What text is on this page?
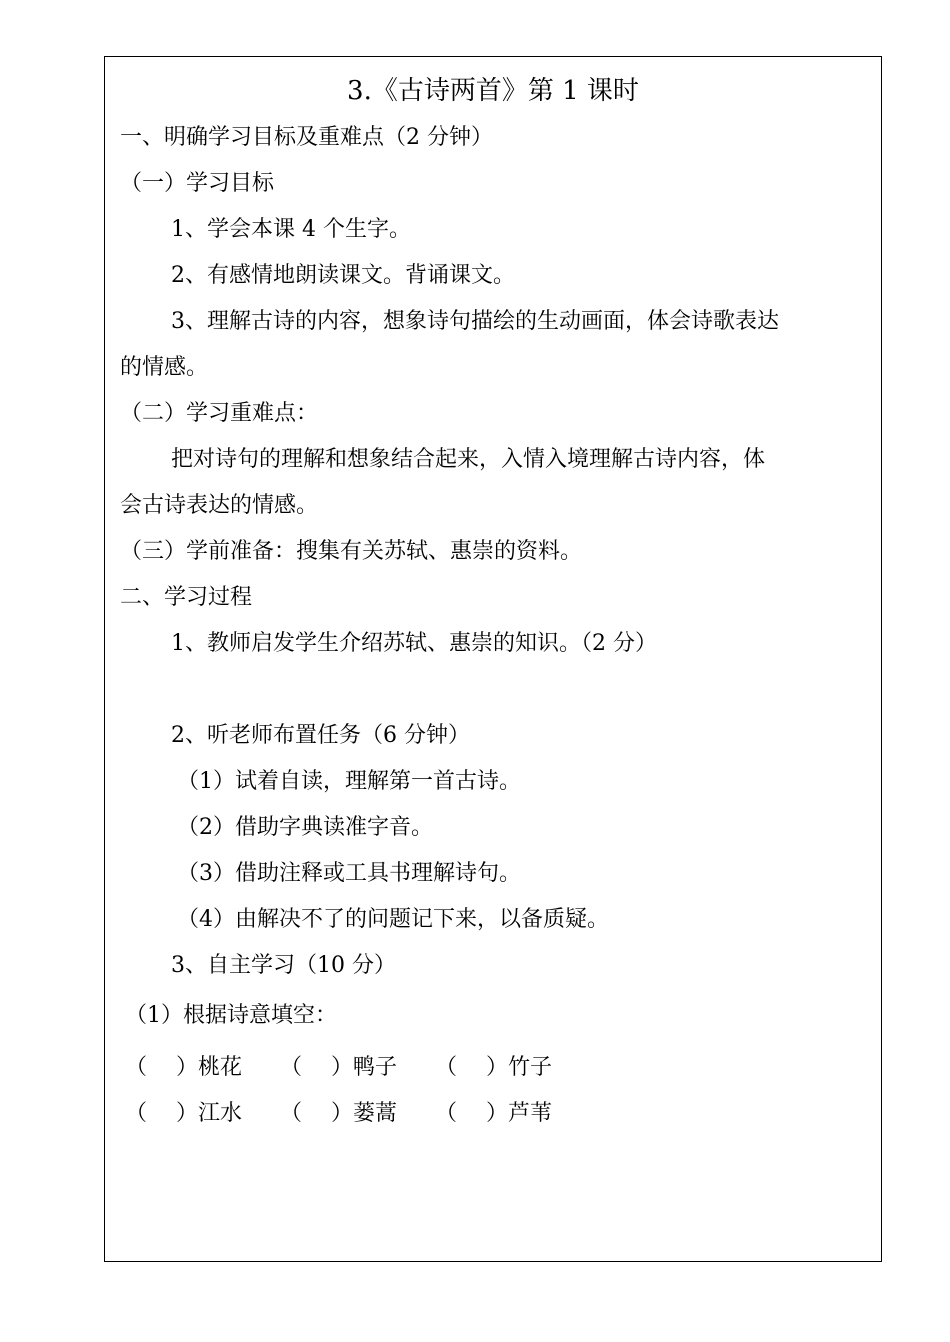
3.《古诗两首》第 1 课时
一、明确学习目标及重难点（2 分钟）
（一）学习目标
1、学会本课 4 个生字。
2、有感情地朗读课文。背诵课文。
3、理解古诗的内容，想象诗句描绘的生动画面，体会诗歌表达
的情感。
（二）学习重难点：
把对诗句的理解和想象结合起来，入情入境理解古诗内容，体
会古诗表达的情感。
（三）学前准备：搜集有关苏轼、惠崇的资料。
二、学习过程
1、教师启发学生介绍苏轼、惠崇的知识。（2 分）
2、听老师布置任务（6 分钟）
（1）试着自读，理解第一首古诗。
（2）借助字典读准字音。
（3）借助注释或工具书理解诗句。
（4）由解决不了的问题记下来，以备质疑。
3、自主学习（10 分）
（1）根据诗意填空：
（　 ）桃花 （　 ）鸭子 （　 ）竹子
（　 ）江水 （　 ）蒌蒿 （　 ）芦苇
